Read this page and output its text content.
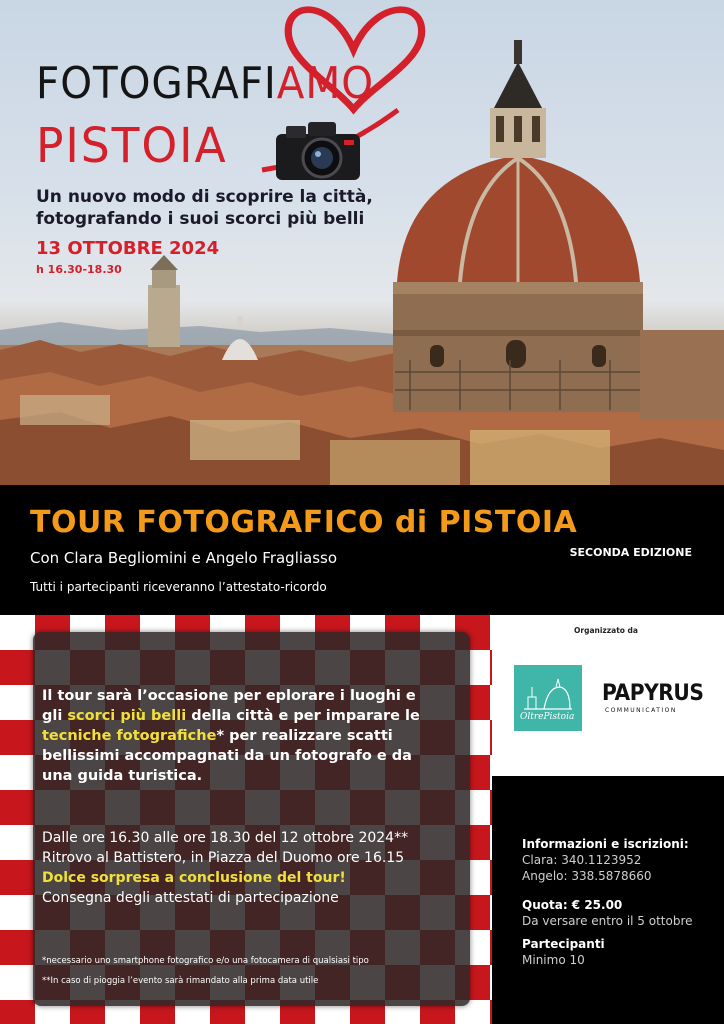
FOTOGRAFIAMO
PISTOIA
Un nuovo modo di scoprire la città, fotografando i suoi scorci più belli
13 OTTOBRE 2024
h 16.30-18.30
TOUR FOTOGRAFICO di PISTOIA
Con Clara Begliomini e Angelo Fragliasso	SECONDA EDIZIONE
Tutti i partecipanti riceveranno l’attestato-ricordo
Il tour sarà l’occasione per eplorare i luoghi e gli scorci più belli della città e per imparare le tecniche fotografiche* per realizzare scatti bellissimi accompagnati da un fotografo e da una guida turistica.
Dalle ore 16.30 alle ore 18.30 del 12 ottobre 2024**
Ritrovo al Battistero, in Piazza del Duomo ore 16.15
Dolce sorpresa a conclusione del tour!
Consegna degli attestati di partecipazione
*necessario uno smartphone fotografico e/o una fotocamera di qualsiasi tipo
**In caso di pioggia l’evento sarà rimandato alla prima data utile
Organizzato da
OltrePistoia
PAPYRUS
COMMUNICATION
Informazioni e iscrizioni:
Clara: 340.1123952
Angelo: 338.5878660
Quota: € 25.00
Da versare entro il 5 ottobre
Partecipanti
Minimo 10
